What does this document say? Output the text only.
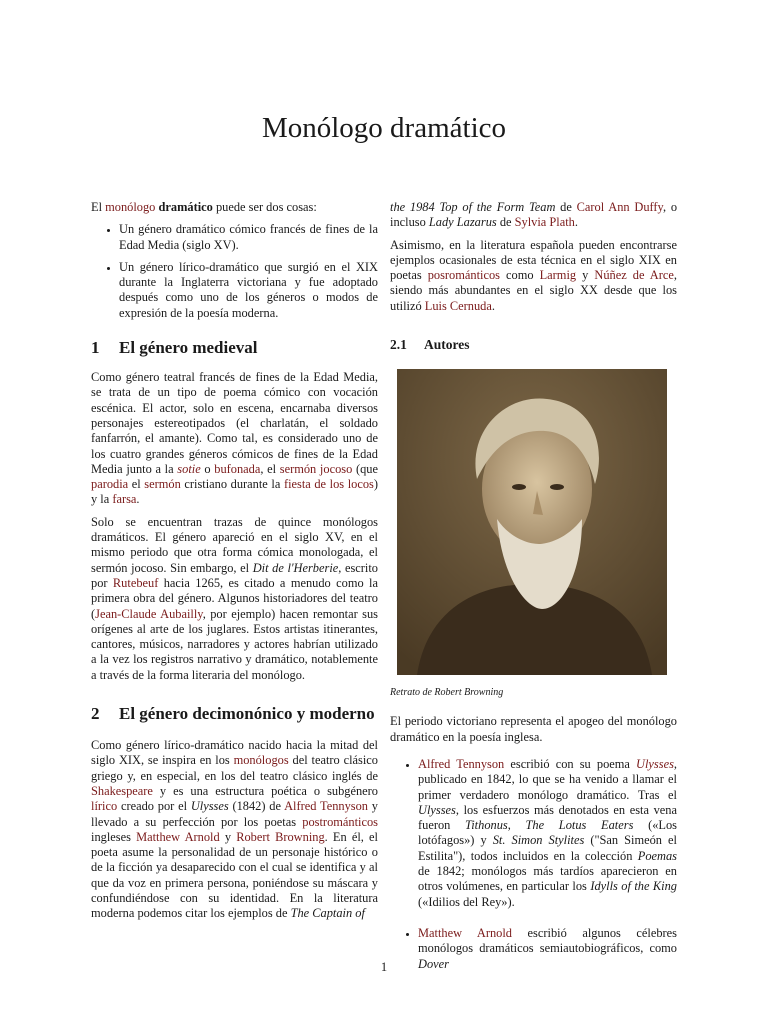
Monólogo dramático

El monólogo dramático puede ser dos cosas:

• Un género dramático cómico francés de fines de la Edad Media (siglo XV).
• Un género lírico-dramático que surgió en el XIX durante la Inglaterra victoriana y fue adoptado después como uno de los géneros o modos de expresión de la poesía moderna.
1	El género medieval

Como género teatral francés de fines de la Edad Media, se trata de un tipo de poema cómico con vocación escénica. El actor, solo en escena, encarnaba diversos personajes estereotipados (el charlatán, el soldado fanfarrón, el amante). Como tal, es considerado uno de los cuatro grandes géneros cómicos de fines de la Edad Media junto a la sotie o bufonada, el sermón jocoso (que parodia el sermón cristiano durante la fiesta de los locos) y la farsa.

Solo se encuentran trazas de quince monólogos dramáticos. El género apareció en el siglo XV, en el mismo periodo que otra forma cómica monologada, el sermón jocoso. Sin embargo, el Dit de l'Herberie, escrito por Rutebeuf hacia 1265, es citado a menudo como la primera obra del género. Algunos historiadores del teatro (Jean-Claude Aubailly, por ejemplo) hacen remontar sus orígenes al arte de los juglares. Estos artistas itinerantes, cantores, músicos, narradores y actores habrían utilizado a la vez los registros narrativo y dramático, notablemente a través de la forma literaria del monólogo.

2	El género decimonónico y moderno

Como género lírico-dramático nacido hacia la mitad del siglo XIX, se inspira en los monólogos del teatro clásico griego y, en especial, en los del teatro clásico inglés de Shakespeare y es una estructura poética o subgénero lírico creado por el Ulysses (1842) de Alfred Tennyson y llevado a su perfección por los poetas postrománticos ingleses Matthew Arnold y Robert Browning. En él, el poeta asume la personalidad de un personaje histórico o de la ficción ya desaparecido con el cual se identifica y al que da voz en primera persona, poniéndose su máscara y confundiéndose con su identidad. En la literatura moderna podemos citar los ejemplos de The Captain of

the 1984 Top of the Form Team de Carol Ann Duffy, o incluso Lady Lazarus de Sylvia Plath.

Asimismo, en la literatura española pueden encontrarse ejemplos ocasionales de esta técnica en el siglo XIX en poetas posrománticos como Larmig y Núñez de Arce, siendo más abundantes en el siglo XX desde que los utilizó Luis Cernuda.

2.1	Autores
Retrato de Robert Browning

El periodo victoriano representa el apogeo del monólogo dramático en la poesía inglesa.

• Alfred Tennyson escribió con su poema Ulysses, publicado en 1842, lo que se ha venido a llamar el primer verdadero monólogo dramático. Tras el Ulysses, los esfuerzos más denotados en esta vena fueron Tithonus, The Lotus Eaters («Los lotófagos») y St. Simon Stylites ("San Simeón el Estilita"), todos incluidos en la colección Poemas de 1842; monólogos más tardíos aparecieron en otros volúmenes, en particular los Idylls of the King («Idilios del Rey»).
• Matthew Arnold escribió algunos célebres monólogos dramáticos semiautobiográficos, como Dover
1
